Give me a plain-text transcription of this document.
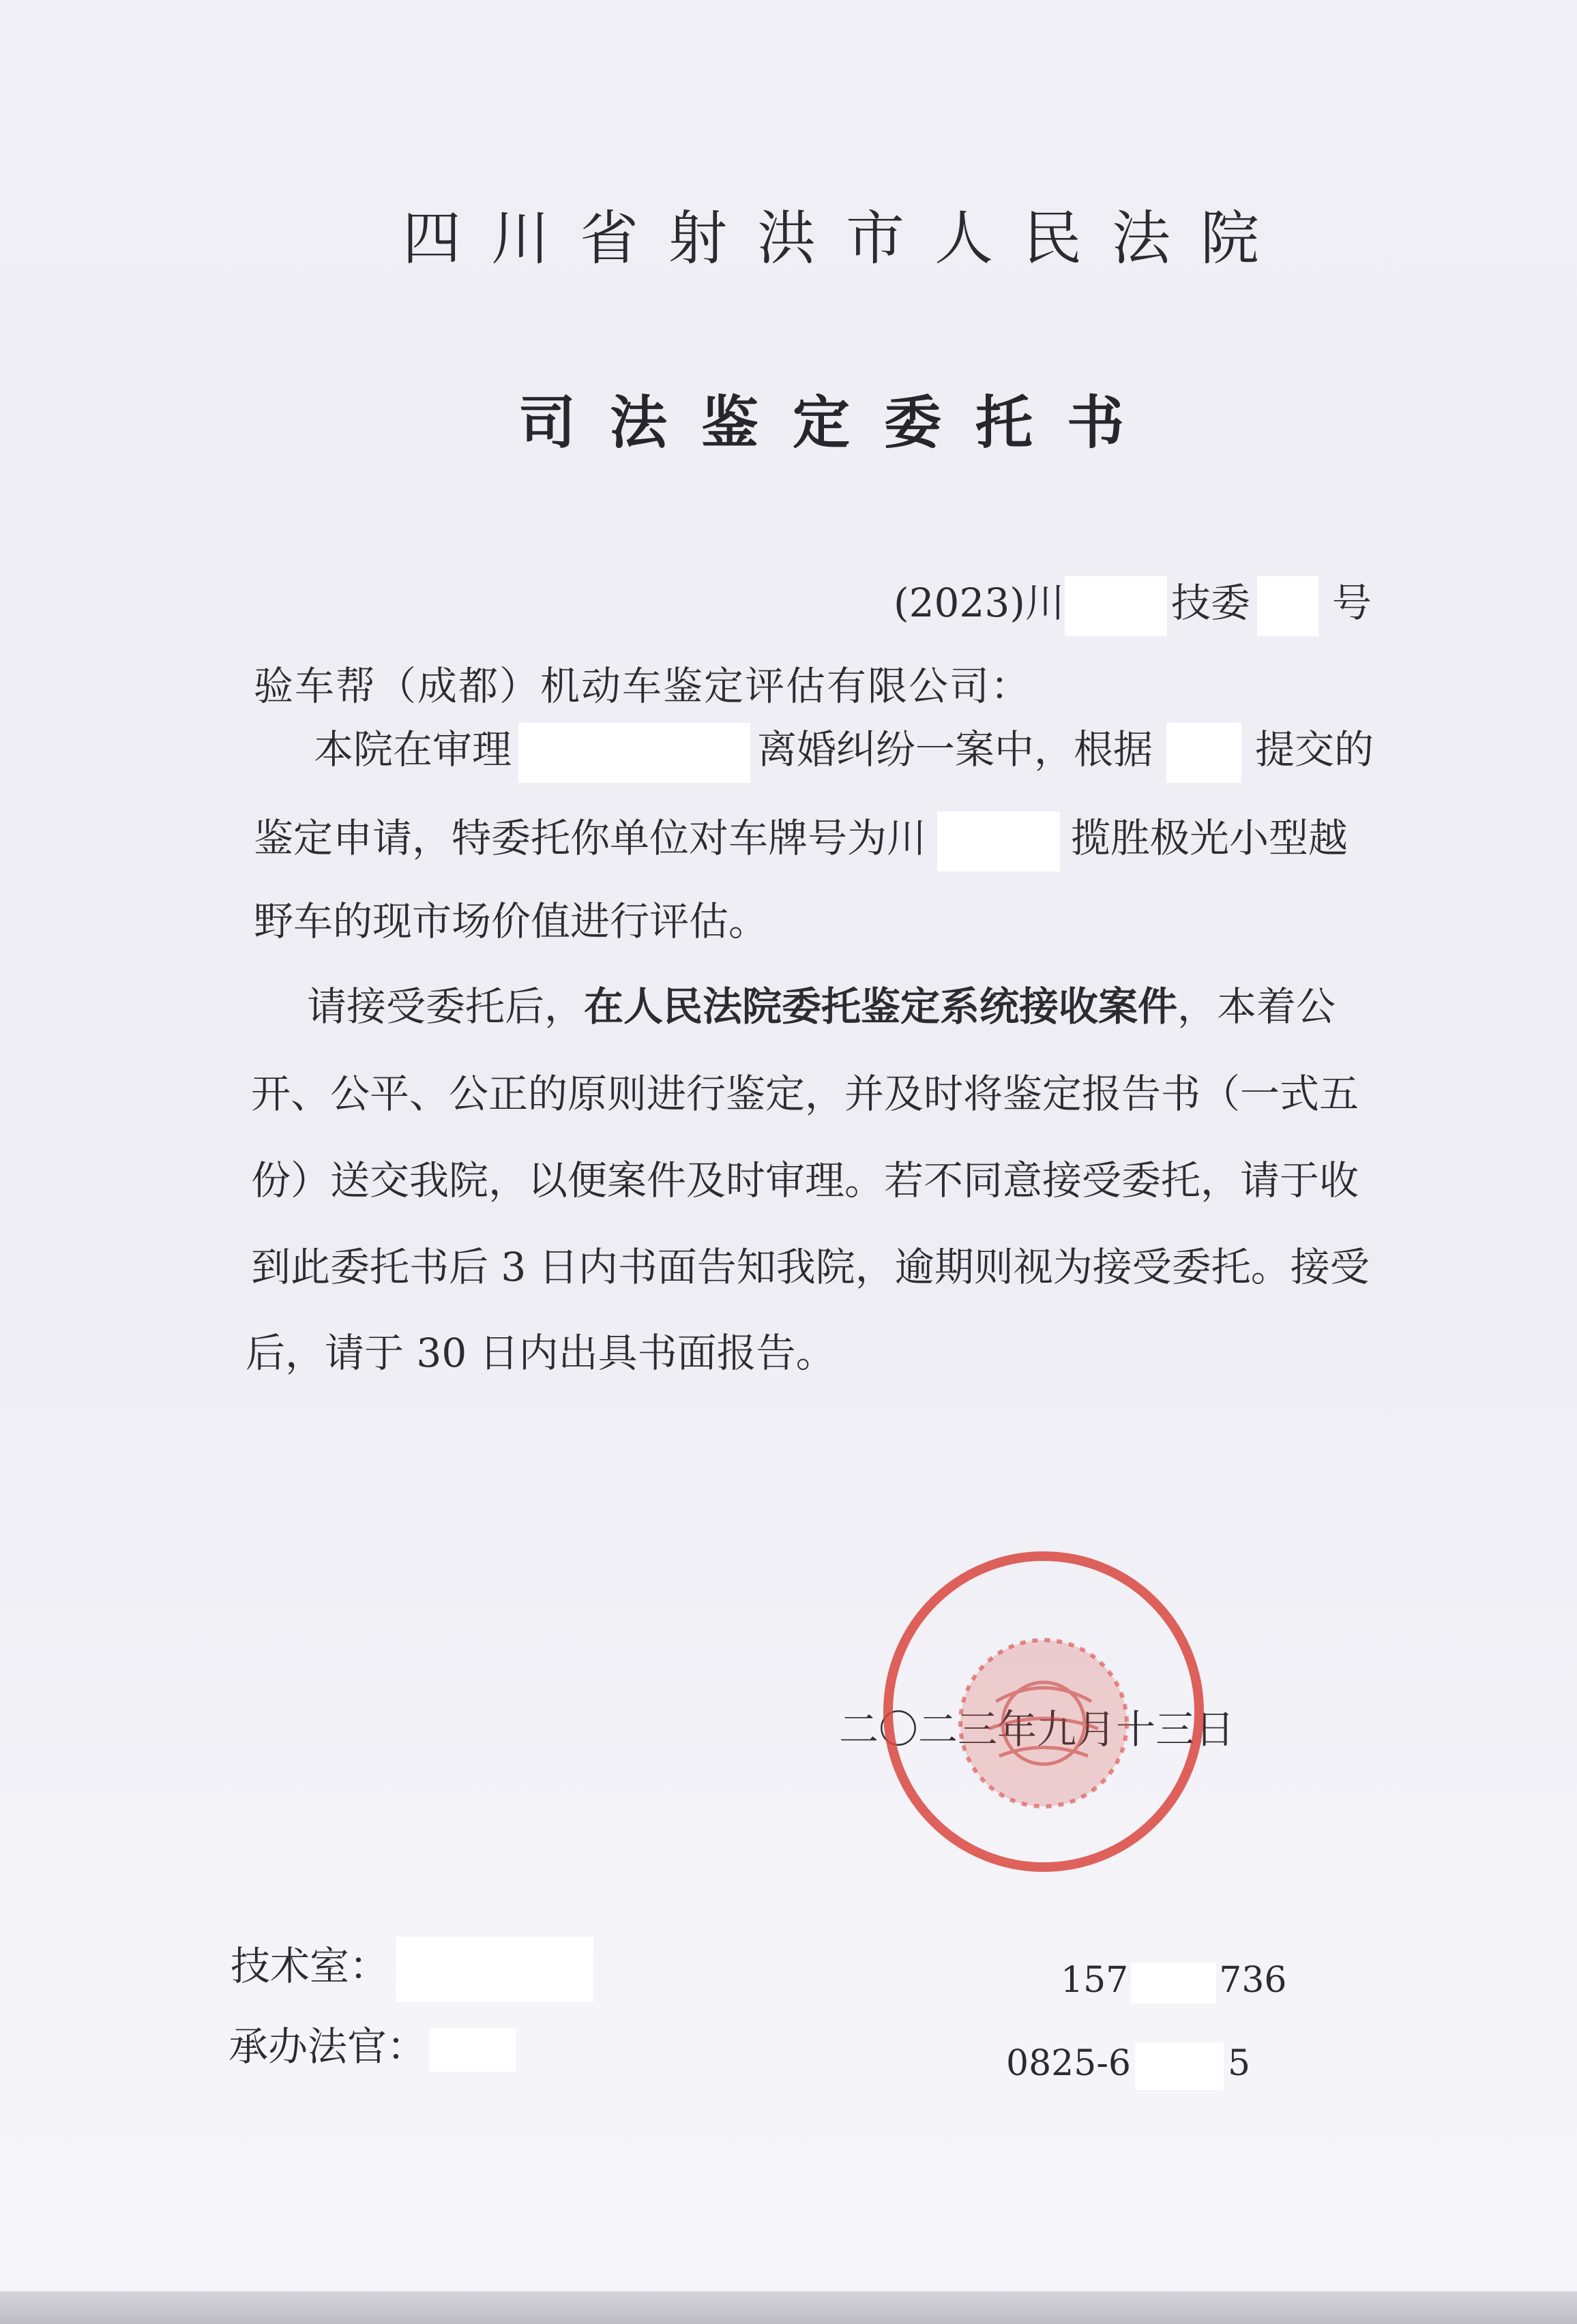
四川省射洪市人民法院
司法鉴定委托书
(2023)川	技委 号
验车帮（成都）机动车鉴定评估有限公司：
本院在审理	离婚纠纷一案中，根据	提交的
鉴定申请，特委托你单位对车牌号为川	揽胜极光小型越
野车的现市场价值进行评估。
请接受委托后，在人民法院委托鉴定系统接收案件，本着公
开、公平、公正的原则进行鉴定，并及时将鉴定报告书（一式五
份）送交我院，以便案件及时审理。若不同意接受委托，请于收
到此委托书后 3 日内书面告知我院，逾期则视为接受委托。接受
后，请于 30 日内出具书面报告。
二〇二三年九月十三日
技术室：
承办法官：
157	736
0825-6	5
